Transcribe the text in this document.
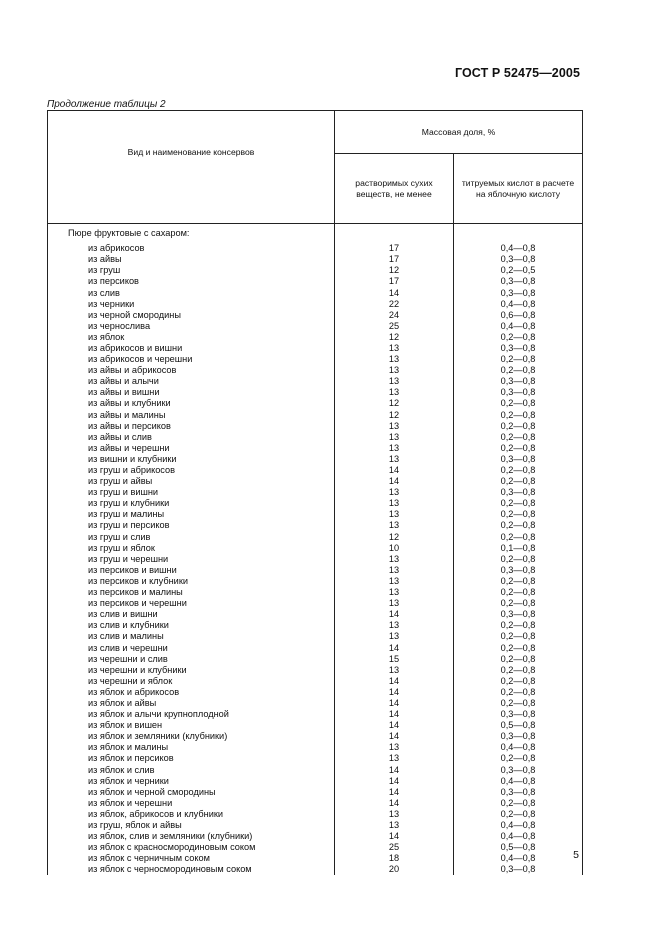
ГОСТ Р 52475—2005
Продолжение таблицы 2
Вид и наименование консервов	Массовая доля, %	
	растворимых сухих веществ, не менее	титруемых кислот в расчете на яблочную кислоту
Пюре фруктовые с сахаром:		
из абрикосов	17	0,4—0,8
из айвы	17	0,3—0,8
из груш	12	0,2—0,5
из персиков	17	0,3—0,8
из слив	14	0,3—0,8
из черники	22	0,4—0,8
из черной смородины	24	0,6—0,8
из чернослива	25	0,4—0,8
из яблок	12	0,2—0,8
из абрикосов и вишни	13	0,3—0,8
из абрикосов и черешни	13	0,2—0,8
из айвы и абрикосов	13	0,2—0,8
из айвы и алычи	13	0,3—0,8
из айвы и вишни	13	0,3—0,8
из айвы и клубники	12	0,2—0,8
из айвы и малины	12	0,2—0,8
из айвы и персиков	13	0,2—0,8
из айвы и слив	13	0,2—0,8
из айвы и черешни	13	0,2—0,8
из вишни и клубники	13	0,3—0,8
из груш и абрикосов	14	0,2—0,8
из груш и айвы	14	0,2—0,8
из груш и вишни	13	0,3—0,8
из груш и клубники	13	0,2—0,8
из груш и малины	13	0,2—0,8
из груш и персиков	13	0,2—0,8
из груш и слив	12	0,2—0,8
из груш и яблок	10	0,1—0,8
из груш и черешни	13	0,2—0,8
из персиков и вишни	13	0,3—0,8
из персиков и клубники	13	0,2—0,8
из персиков и малины	13	0,2—0,8
из персиков и черешни	13	0,2—0,8
из слив и вишни	14	0,3—0,8
из слив и клубники	13	0,2—0,8
из слив и малины	13	0,2—0,8
из слив и черешни	14	0,2—0,8
из черешни и слив	15	0,2—0,8
из черешни и клубники	13	0,2—0,8
из черешни и яблок	14	0,2—0,8
из яблок и абрикосов	14	0,2—0,8
из яблок и айвы	14	0,2—0,8
из яблок и алычи крупноплодной	14	0,3—0,8
из яблок и вишен	14	0,5—0,8
из яблок и земляники (клубники)	14	0,3—0,8
из яблок и малины	13	0,4—0,8
из яблок и персиков	13	0,2—0,8
из яблок и слив	14	0,3—0,8
из яблок и черники	14	0,4—0,8
из яблок и черной смородины	14	0,3—0,8
из яблок и черешни	14	0,2—0,8
из яблок, абрикосов и клубники	13	0,2—0,8
из груш, яблок и айвы	13	0,4—0,8
из яблок, слив и земляники (клубники)	14	0,4—0,8
из яблок с красносмородиновым соком	25	0,5—0,8
из яблок с черничным соком	18	0,4—0,8
из яблок с черносмородиновым соком	20	0,3—0,8
5
